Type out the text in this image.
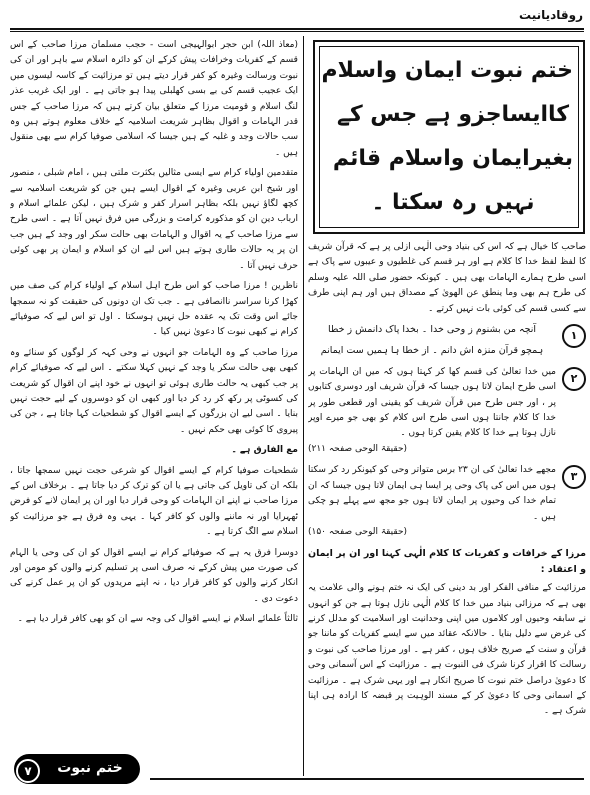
روقادیانیت

(معاذ اللہ) ابن حجر ابوالہیجی است - حجب مسلمان مرزا صاحب کے اس قسم کے کفریات وخرافات پیش کرکے ان کو دائرہ اسلام سے باہر اور ان کی نبوت ورسالت وغیرہ کو کفر قرار دیتے ہیں تو مرزائیت کے کاسہ لیسوں میں ایک عجیب قسم کی بے بسی کھلبلی پیدا ہو جاتی ہے ۔ اور ایک غریب عذر لنگ اسلام و قومیت مرزا کے متعلق بیان کرتے ہیں کہ مرزا صاحب کے جس قدر الہامات و اقوال بظاہر شریعت اسلامیہ کے خلاف معلوم ہوتے ہیں وہ سب حالات وجد و غلبہ کے ہیں جیسا کہ اسلامی صوفیا کرام سے بھی منقول ہیں ۔

متقدمین اولیاء کرام سے ایسی مثالیں بکثرت ملتی ہیں ، امام شبلی ، منصور اور شیخ ابن عربی وغیرہ کے اقوال ایسے ہیں جن کو شریعت اسلامیہ سے کچھ لگاؤ نہیں بلکہ بظاہر اسرار کفر و شرک ہیں ، لیکن علمائے اسلام و ارباب دین ان کو مذکورہ کرامت و بزرگی میں فرق نہیں آتا ہے ۔ اسی طرح سے مرزا صاحب کے یہ اقوال و الہامات بھی حالت سکر اور وجد کے ہیں جب ان پر یہ حالات طاری ہوتے ہیں اس لیے ان کو اسلام و ایمان پر بھی کوئی حرف نہیں آتا ۔

ناظرین ! مرزا صاحب کو اس طرح اہل اسلام کے اولیاء کرام کی صف میں کھڑا کرنا سراسر ناانصافی ہے ۔ جب تک ان دونوں کی حقیقت کو نہ سمجھا جائے اس وقت تک یہ عقدہ حل نہیں ہوسکتا ۔ اول تو اس لیے کہ صوفیائے کرام نے کبھی نبوت کا دعویٰ نہیں کیا ۔

مرزا صاحب کے وہ الہامات جو انہوں نے وحی کہہ کر لوگوں کو سنائے وہ کبھی بھی حالت سکر یا وجد کے نہیں کہلا سکتے ۔ اس لیے کہ صوفیائے کرام پر جب کبھی یہ حالت طاری ہوئی تو انہوں نے خود اپنے ان اقوال کو شریعت کی کسوٹی پر رکھ کر رد کر دیا اور کبھی ان کو دوسروں کے لیے حجت نہیں بنایا ۔ اسی لیے ان بزرگوں کے ایسے اقوال کو شطحیات کہا جاتا ہے ، جن کی پیروی کا کوئی بھی حکم نہیں ۔

مع الفارق ہے ۔

شطحیات صوفیا کرام کے ایسے اقوال کو شرعی حجت نہیں سمجھا جاتا ، بلکہ ان کی تاویل کی جاتی ہے یا ان کو ترک کر دیا جاتا ہے ۔ برخلاف اس کے مرزا صاحب نے اپنے ان الہامات کو وحی قرار دیا اور ان پر ایمان لانے کو فرض ٹھہرایا اور نہ ماننے والوں کو کافر کہا ۔ یہی وہ فرق ہے جو مرزائیت کو اسلام سے الگ کرتا ہے ۔

دوسرا فرق یہ ہے کہ صوفیائے کرام نے ایسے اقوال کو ان کی وحی یا الہام کی صورت میں پیش کرکے نہ صرف اسی پر تسلیم کرنے والوں کو مومن اور انکار کرنے والوں کو کافر قرار دیا ، نہ اپنے مریدوں کو ان پر عمل کرنے کی دعوت دی ۔

ثالثاً علمائے اسلام نے ایسے اقوال کی وجہ سے ان کو بھی کافر قرار دیا ہے ۔

ختم نبوت ایمان واسلام
کاایساجزو ہے جس کے
بغیرایمان واسلام قائم
نہیں رہ سکتا ۔

صاحب کا خیال ہے کہ اس کی بنیاد وحی الٰہی ازلی پر ہے کہ قرآن شریف کا لفظ لفظ خدا کا کلام ہے اور ہر قسم کی غلطیوں و عیبوں سے پاک ہے اسی طرح ہمارے الہامات بھی ہیں ۔ کیونکہ حضور صلی اللہ علیہ وسلم کی طرح ہم بھی وما ینطق عن الھویٰ کے مصداق ہیں اور ہم اپنی طرف سے کسی قسم کی کوئی بات نہیں کرتے ۔

۱
آنچہ من بشنوم ز وحی خدا ۔ بخدا پاک دانمش ز خطا
ہمچو قرآن منزہ اش دانم ۔ از خطا ہا ہمیں ست ایمانم
۲
میں خدا تعالیٰ کی قسم کھا کر کہتا ہوں کہ میں ان الہامات پر اسی طرح ایمان لاتا ہوں جیسا کہ قرآن شریف اور دوسری کتابوں پر ، اور جس طرح میں قرآن شریف کو یقینی اور قطعی طور پر خدا کا کلام جانتا ہوں اسی طرح اس کلام کو بھی جو میرے اوپر نازل ہوتا ہے خدا کا کلام یقین کرتا ہوں ۔
(حقیقۃ الوحی صفحہ ۲۱۱)
۳
مجھے خدا تعالیٰ کی ان ۲۳ برس متواتر وحی کو کیونکر رد کر سکتا ہوں میں اس کی پاک وحی پر ایسا ہی ایمان لاتا ہوں جیسا کہ ان تمام خدا کی وحیوں پر ایمان لاتا ہوں جو مجھ سے پہلے ہو چکی ہیں ۔
(حقیقۃ الوحی صفحہ ۱۵۰)
مرزا کے خرافات و کفریات کا کلام الٰہی کہنا اور ان پر ایمان و اعتقاد :

مرزائیت کے منافی الفکر اور بد دینی کی ایک نہ ختم ہونے والی علامت یہ بھی ہے کہ مرزائی بنیاد میں خدا کا کلام الٰہی نازل ہوتا ہے جن کو انہوں نے سابقہ وحیوں اور کلاموں میں اپنی وحدانیت اور اسلامیت کو مدلل کرنے کی غرض سے دلیل بنایا ۔ حالانکہ عقائد میں سے ایسے کفریات کو ماننا جو قرآن و سنت کے صریح خلاف ہوں ، کفر ہے ۔ اور مرزا صاحب کی نبوت و رسالت کا اقرار کرنا شرک فی النبوت ہے ۔ مرزائیت کے اس آسمانی وحی کا دعویٰ دراصل ختم نبوت کا صریح انکار ہے اور یہی شرک ہے ۔ مرزائیت کے اسمانی وحی کا دعویٰ کر کے مسند الوہیت پر قبضہ کا ارادہ ہی اپنا شرک ہے ۔

۷	ختم نبوت
